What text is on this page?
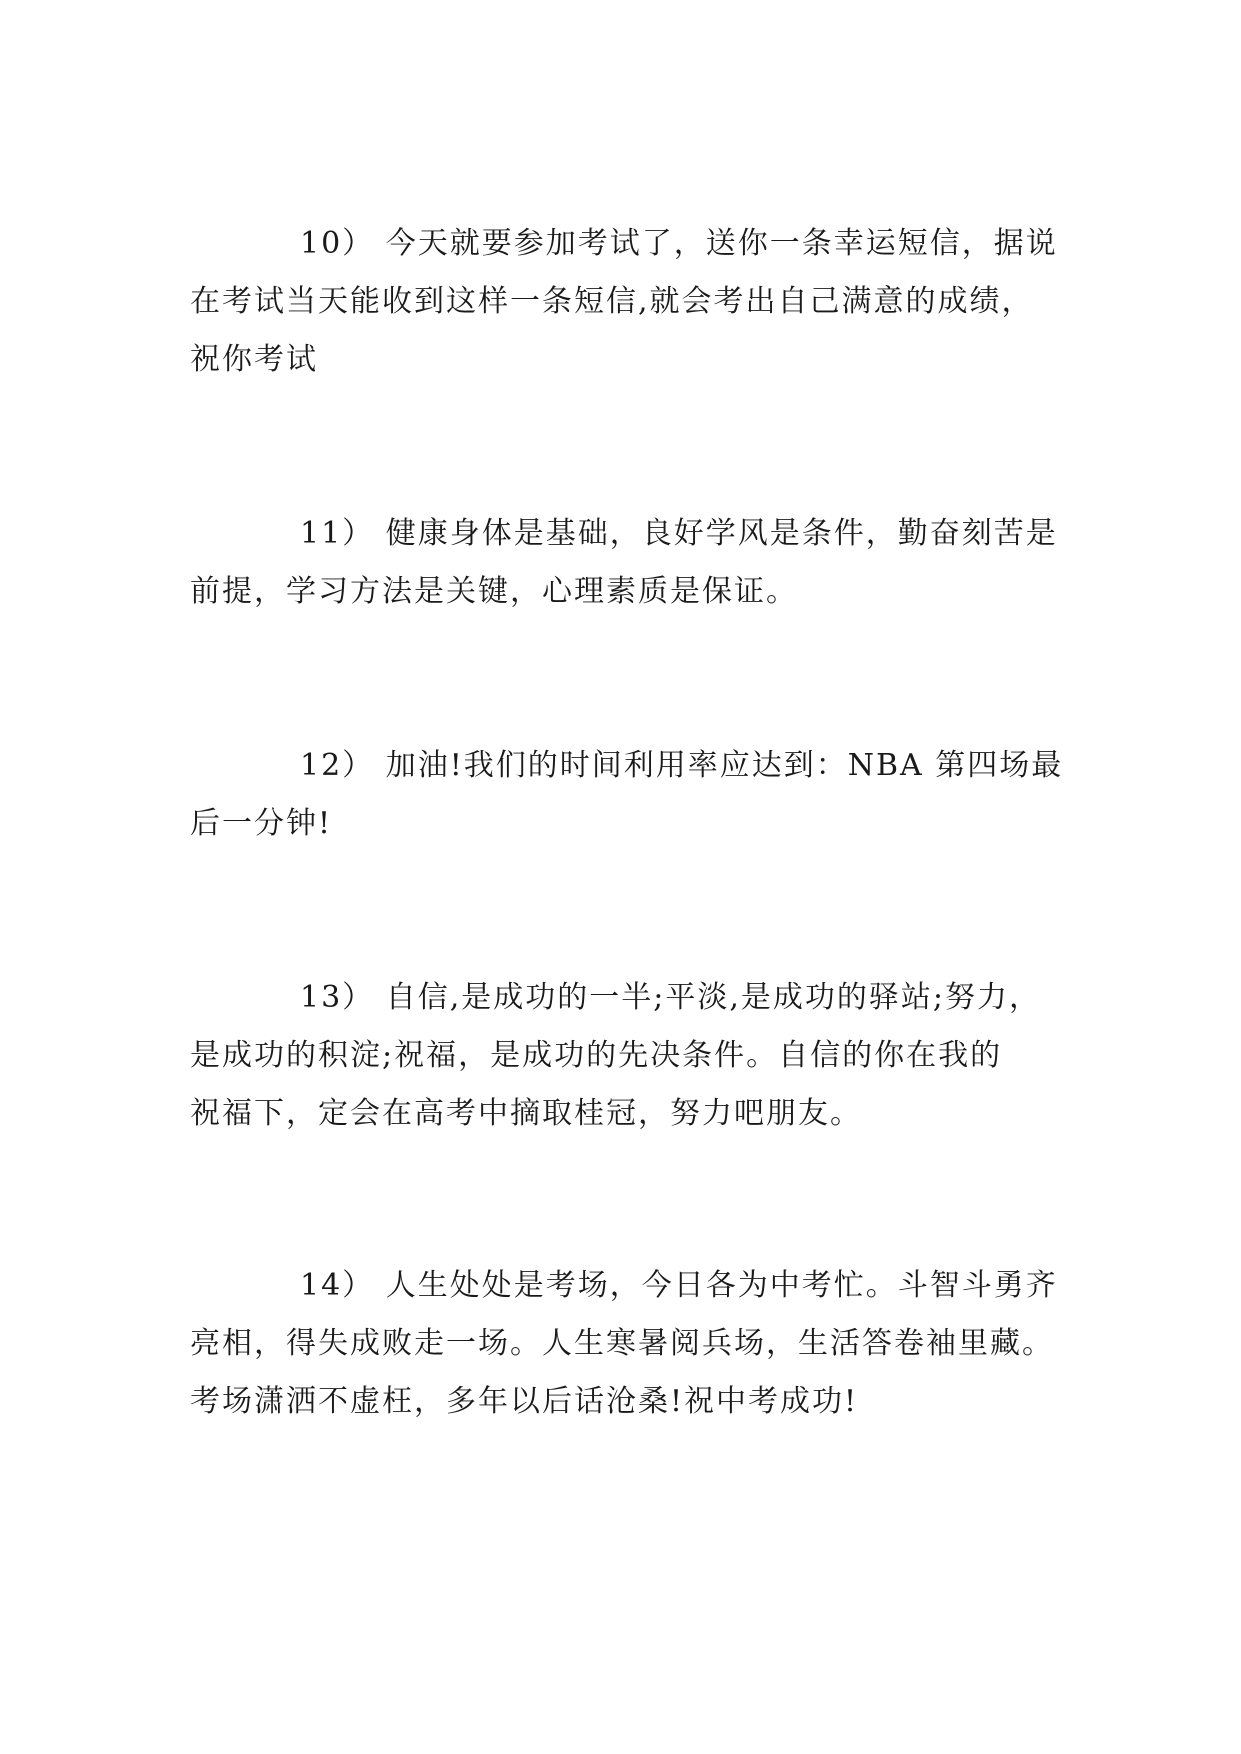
10） 今天就要参加考试了，送你一条幸运短信，据说
在考试当天能收到这样一条短信,就会考出自己满意的成绩，
祝你考试
11） 健康身体是基础，良好学风是条件，勤奋刻苦是
前提，学习方法是关键，心理素质是保证。
12） 加油!我们的时间利用率应达到：NBA 第四场最
后一分钟!
13） 自信,是成功的一半;平淡,是成功的驿站;努力，
是成功的积淀;祝福，是成功的先决条件。自信的你在我的
祝福下，定会在高考中摘取桂冠，努力吧朋友。
14） 人生处处是考场，今日各为中考忙。斗智斗勇齐
亮相，得失成败走一场。人生寒暑阅兵场，生活答卷袖里藏。
考场潇洒不虚枉，多年以后话沧桑!祝中考成功!
